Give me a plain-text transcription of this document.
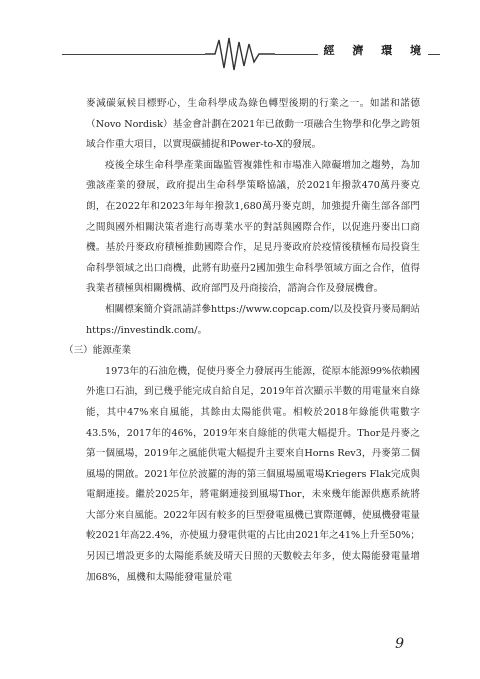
經 濟 環 境

麥減碳氣候目標野心，生命科學成為綠色轉型後期的行業之一。如諾和諾德（Novo Nordisk）基金會計劃在2021年已啟動一項融合生物學和化學之跨領域合作重大項目，以實現碳捕捉和Power-to-X的發展。

疫後全球生命科學產業面臨監管複雜性和市場准入障礙增加之趨勢，為加強該產業的發展，政府提出生命科學策略協議，於2021年撥款470萬丹麥克朗，在2022年和2023年每年撥款1,680萬丹麥克朗，加強提升衛生部各部門之間與國外相關決策者進行高專業水平的對話與國際合作，以促進丹麥出口商機。基於丹麥政府積極推動國際合作，足見丹麥政府於疫情後積極布局投資生命科學領域之出口商機，此將有助臺丹2國加強生命科學領域方面之合作，值得我業者積極與相關機構、政府部門及丹商接洽，諮詢合作及發展機會。

相關標案簡介資訊請詳參https://www.copcap.com/以及投資丹麥局網站https://investindk.com/。

（三）能源產業

1973年的石油危機，促使丹麥全力發展再生能源，從原本能源99%依賴國外進口石油，到已幾乎能完成自給自足，2019年首次顯示半數的用電量來自綠能，其中47%來自風能，其餘由太陽能供電。相較於2018年綠能供電數字43.5%，2017年的46%，2019年來自綠能的供電大幅提升。Thor是丹麥之第一個風場，2019年之風能供電大幅提升主要來自Horns Rev3，丹麥第二個風場的開啟。2021年位於波羅的海的第三個風場風電場Kriegers Flak完成與電網連接。繼於2025年，將電網連接到風場Thor，未來幾年能源供應系統將大部分來自風能。2022年因有較多的巨型發電風機已實際運轉，使風機發電量較2021年高22.4%，亦使風力發電供電的占比由2021年之41%上升至50%；另因已增設更多的太陽能系統及晴天日照的天數較去年多，使太陽能發電量增加68%，風機和太陽能發電量於電

9
